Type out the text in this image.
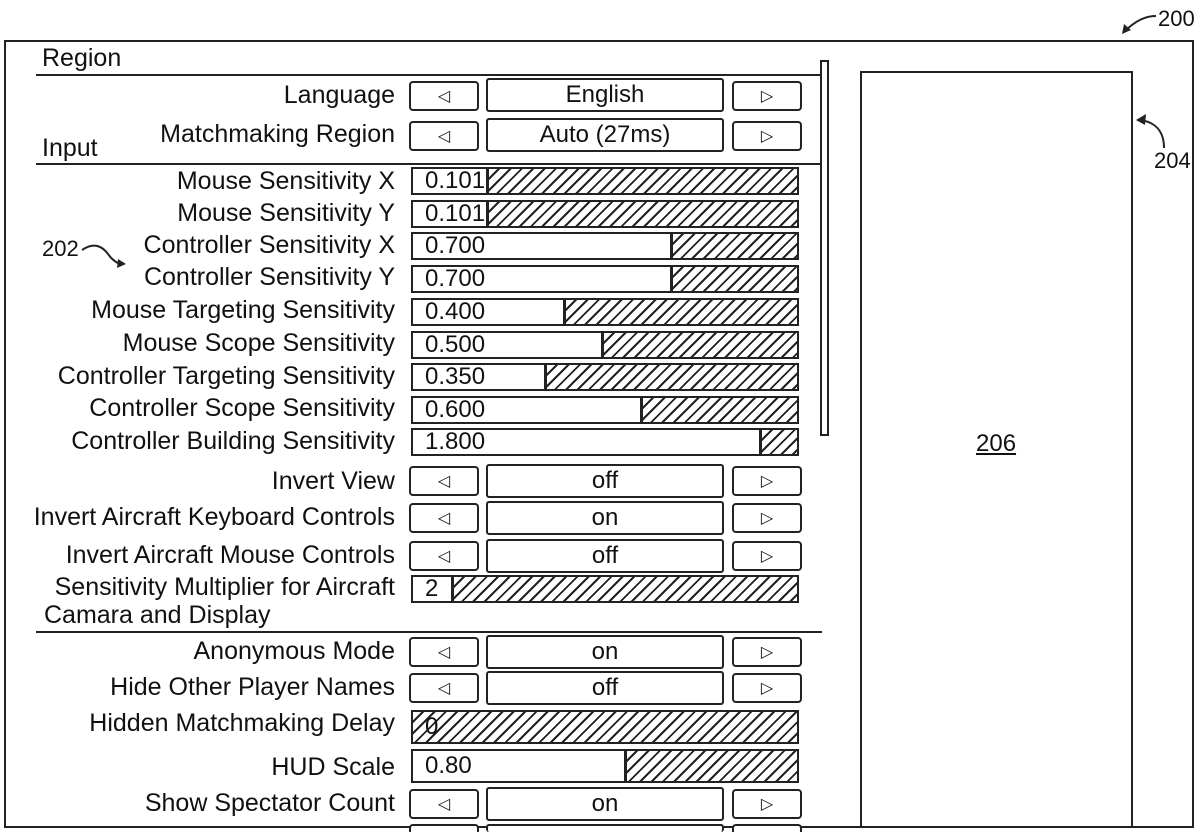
200
204
202
Region
Input
Language	◁	English	▷
Matchmaking Region	◁	Auto (27ms)	▷
Mouse Sensitivity X 0.101
Mouse Sensitivity Y 0.101
Controller Sensitivity X 0.700
Controller Sensitivity Y 0.700
Mouse Targeting Sensitivity 0.400
Mouse Scope Sensitivity 0.500
Controller Targeting Sensitivity 0.350
Controller Scope Sensitivity 0.600
Controller Building Sensitivity 1.800
Invert View	◁	off	▷
Invert Aircraft Keyboard Controls	◁	on	▷
Invert Aircraft Mouse Controls	◁	off	▷
Sensitivity Multiplier for Aircraft
Camara and Display
2
Anonymous Mode	◁	on	▷
Hide Other Player Names	◁	off	▷
Hidden Matchmaking Delay 0
HUD Scale 0.80
Show Spectator Count	◁	on	▷
206
